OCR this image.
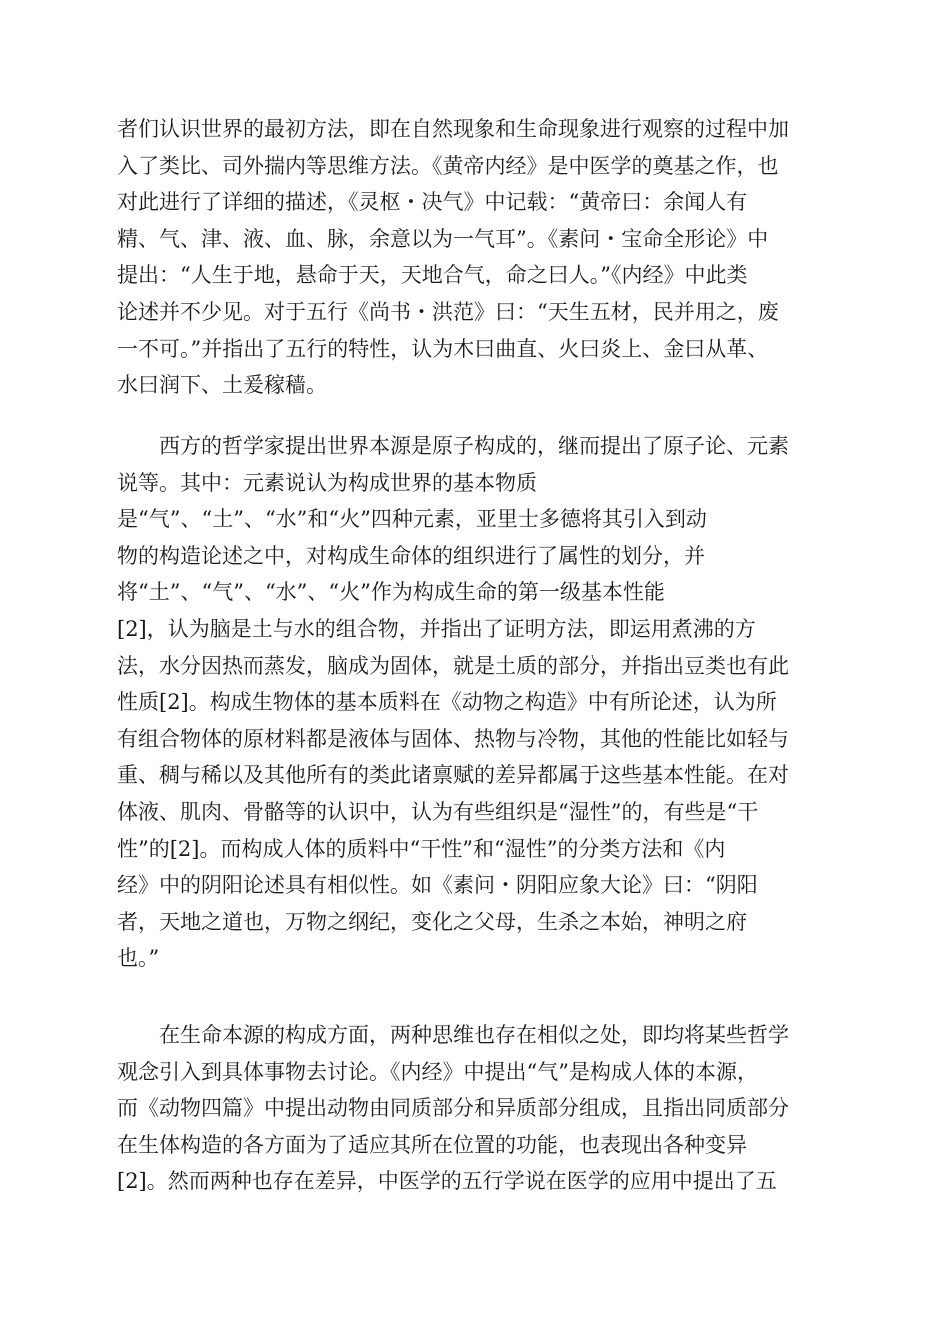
者们认识世界的最初方法，即在自然现象和生命现象进行观察的过程中加
入了类比、司外揣内等思维方法。《黄帝内经》是中医学的奠基之作，也
对此进行了详细的描述，《灵枢・决气》中记载：“黄帝曰：余闻人有
精、气、津、液、血、脉，余意以为一气耳”。《素问・宝命全形论》中
提出：“人生于地，悬命于天，天地合气，命之曰人。”《内经》中此类
论述并不少见。对于五行《尚书・洪范》曰：“天生五材，民并用之，废
一不可。”并指出了五行的特性，认为木曰曲直、火曰炎上、金曰从革、
水曰润下、土爰稼穑。
西方的哲学家提出世界本源是原子构成的，继而提出了原子论、元素
说等。其中：元素说认为构成世界的基本物质
是“气”、“土”、“水”和“火”四种元素，亚里士多德将其引入到动
物的构造论述之中，对构成生命体的组织进行了属性的划分，并
将“土”、“气”、“水”、“火”作为构成生命的第一级基本性能
[2]，认为脑是土与水的组合物，并指出了证明方法，即运用煮沸的方
法，水分因热而蒸发，脑成为固体，就是土质的部分，并指出豆类也有此
性质[2]。构成生物体的基本质料在《动物之构造》中有所论述，认为所
有组合物体的原材料都是液体与固体、热物与冷物，其他的性能比如轻与
重、稠与稀以及其他所有的类此诸禀赋的差异都属于这些基本性能。在对
体液、肌肉、骨骼等的认识中，认为有些组织是“湿性”的，有些是“干
性”的[2]。而构成人体的质料中“干性”和“湿性”的分类方法和《内
经》中的阴阳论述具有相似性。如《素问・阴阳应象大论》曰：“阴阳
者，天地之道也，万物之纲纪，变化之父母，生杀之本始，神明之府
也。”
在生命本源的构成方面，两种思维也存在相似之处，即均将某些哲学
观念引入到具体事物去讨论。《内经》中提出“气”是构成人体的本源，
而《动物四篇》中提出动物由同质部分和异质部分组成，且指出同质部分
在生体构造的各方面为了适应其所在位置的功能，也表现出各种变异
[2]。然而两种也存在差异，中医学的五行学说在医学的应用中提出了五
